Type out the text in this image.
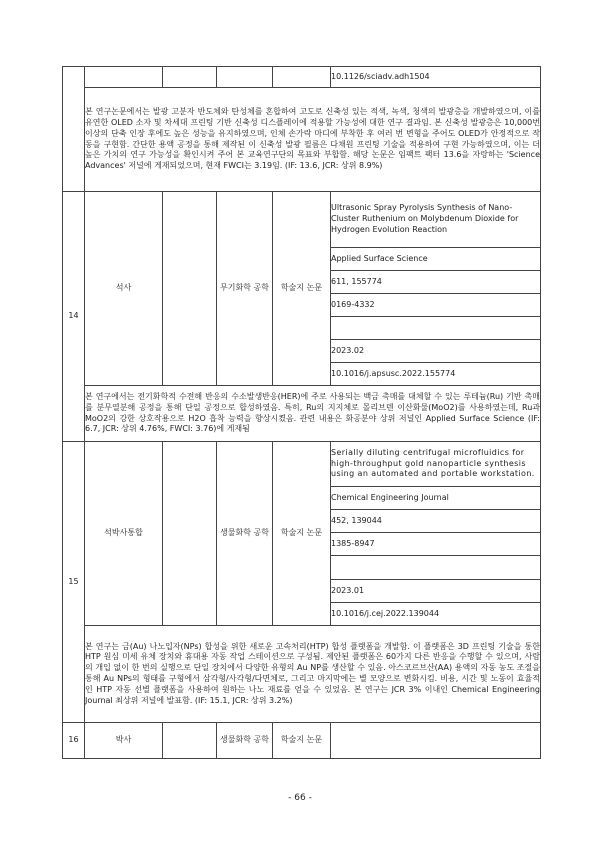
					10.1126/sciadv.adh1504
	본 연구논문에서는 발광 고분자 반도체와 탄성체를 혼합하여 고도로 신축성 있는 적색, 녹색, 청색의 발광층을 개발하였으며, 이를 유연한 OLED 소자 및 차세대 프린팅 기반 신축성 디스플레이에 적용할 가능성에 대한 연구 결과임. 본 신축성 발광층은 10,000번 이상의 단축 인장 후에도 높은 성능을 유지하였으며, 인체 손가락 마디에 부착한 후 여러 번 변형을 주어도 OLED가 안정적으로 작동을 구현함. 간단한 용액 공정을 통해 제작된 이 신축성 발광 필름은 다채원 프린팅 기술을 적용하여 구현 가능하였으며, 이는 더 높은 가치의 연구 가능성을 확인시켜 주어 본 교육연구단의 목표와 부합함. 해당 논문은 임팩트 팩터 13.6을 자랑하는 'Science Advances' 저널에 게재되었으며, 현재 FWCI는 3.19임. (IF: 13.6, JCR: 상위 8.9%)				
14	석사		무기화학 공학	학술지 논문	Ultrasonic Spray Pyrolysis Synthesis of Nano-Cluster Ruthenium on Molybdenum Dioxide for Hydrogen Evolution Reaction
					Applied Surface Science
					611, 155774
					0169-4332

					2023.02
					10.1016/j.apsusc.2022.155774
	본 연구에서는 전기화학적 수전해 반응의 수소발생반응(HER)에 주로 사용되는 백금 촉매를 대체할 수 있는 루테늄(Ru) 기반 촉매를 분무열분해 공정을 통해 단일 공정으로 합성하였음. 특히, Ru의 지지체로 몰리브덴 이산화물(MoO2)를 사용하였는데, Ru과 MoO2의 강한 상호작용으로 H2O 흡착 능력을 향상시켰음. 관련 내용은 화공분야 상위 저널인 Applied Surface Science (IF: 6.7, JCR: 상위 4.76%, FWCI: 3.76)에 게재됨				
15	석박사통합		생물화학 공학	학술지 논문	Serially diluting centrifugal microfluidics for high-throughput gold nanoparticle synthesis using an automated and portable workstation.
					Chemical Engineering Journal
					452, 139044
					1385-8947

					2023.01
					10.1016/j.cej.2022.139044
	본 연구는 금(Au) 나노입자(NPs) 합성을 위한 새로운 고속처리(HTP) 합성 플랫폼을 개발함. 이 플랫폼은 3D 프린팅 기술을 통한 HTP 원심 미세 유체 장치와 휴대용 자동 작업 스테이션으로 구성됨. 제안된 플랫폼은 60가지 다른 반응을 수행할 수 있으며, 사람의 개입 없이 한 번의 실행으로 단일 장치에서 다양한 유형의 Au NP를 생산할 수 있음. 아스코르브산(AA) 용액의 자동 농도 조절을 통해 Au NPs의 형태를 구형에서 삼각형/사각형/다면체로, 그리고 마지막에는 별 모양으로 변화시킴. 비용, 시간 및 노동이 효율적인 HTP 자동 선별 플랫폼을 사용하여 원하는 나노 재료를 얻을 수 있었음. 본 연구는 JCR 3% 이내인 Chemical Engineering Journal 최상위 저널에 발표함. (IF: 15.1, JCR: 상위 3.2%)				
16	박사		생물화학 공학	학술지 논문	
- 66 -
